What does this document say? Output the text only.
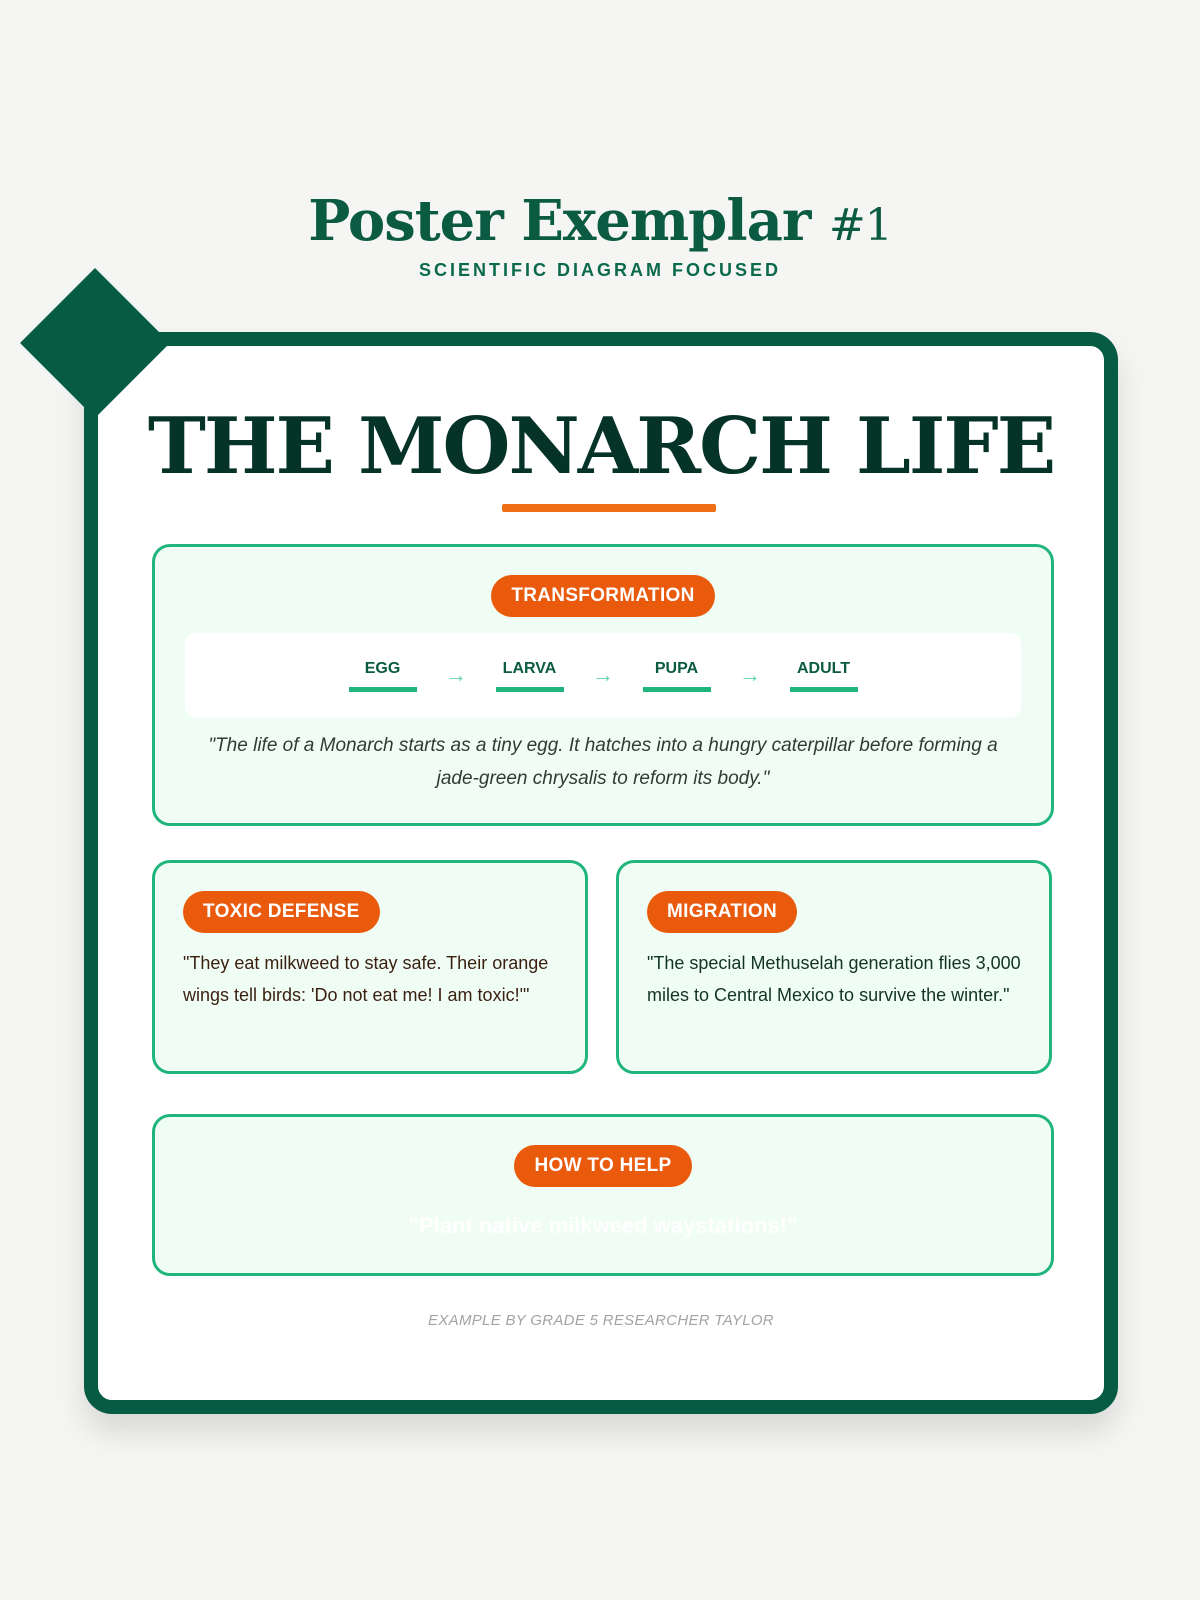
Poster Exemplar #1
SCIENTIFIC DIAGRAM FOCUSED
THE MONARCH LIFE
TRANSFORMATION
EGG	→	LARVA	→	PUPA	→	ADULT
"The life of a Monarch starts as a tiny egg. It hatches into a hungry caterpillar before forming a jade-green chrysalis to reform its body."
TOXIC DEFENSE
"They eat milkweed to stay safe. Their orange wings tell birds: 'Do not eat me! I am toxic!'"
MIGRATION
"The special Methuselah generation flies 3,000 miles to Central Mexico to survive the winter."
HOW TO HELP
"Plant native milkweed waystations!"
EXAMPLE BY GRADE 5 RESEARCHER TAYLOR
